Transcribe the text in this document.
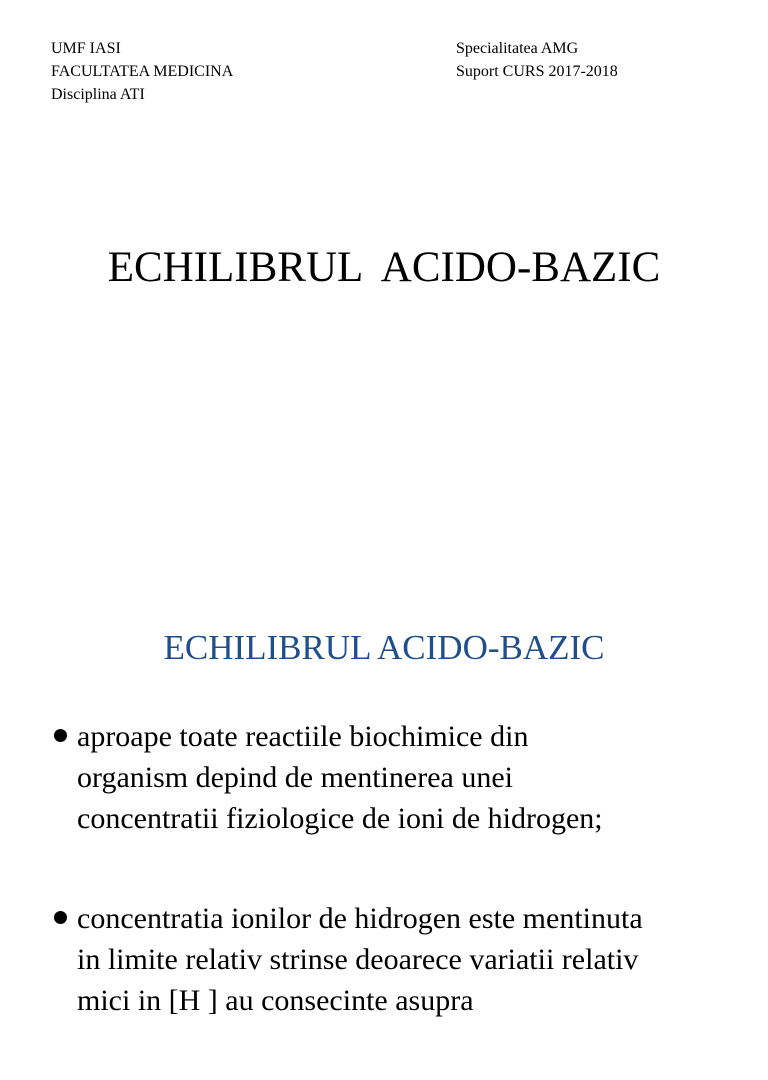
UMF IASI
FACULTATEA MEDICINA
Disciplina ATI
Specialitatea AMG
Suport CURS 2017-2018
ECHILIBRUL  ACIDO-BAZIC
ECHILIBRUL ACIDO-BAZIC
aproape toate reactiile biochimice din
organism depind de mentinerea unei
concentratii fiziologice de ioni de hidrogen;
concentratia ionilor de hidrogen este mentinuta
in limite relativ strinse deoarece variatii relativ
mici in [H ] au consecinte asupra
